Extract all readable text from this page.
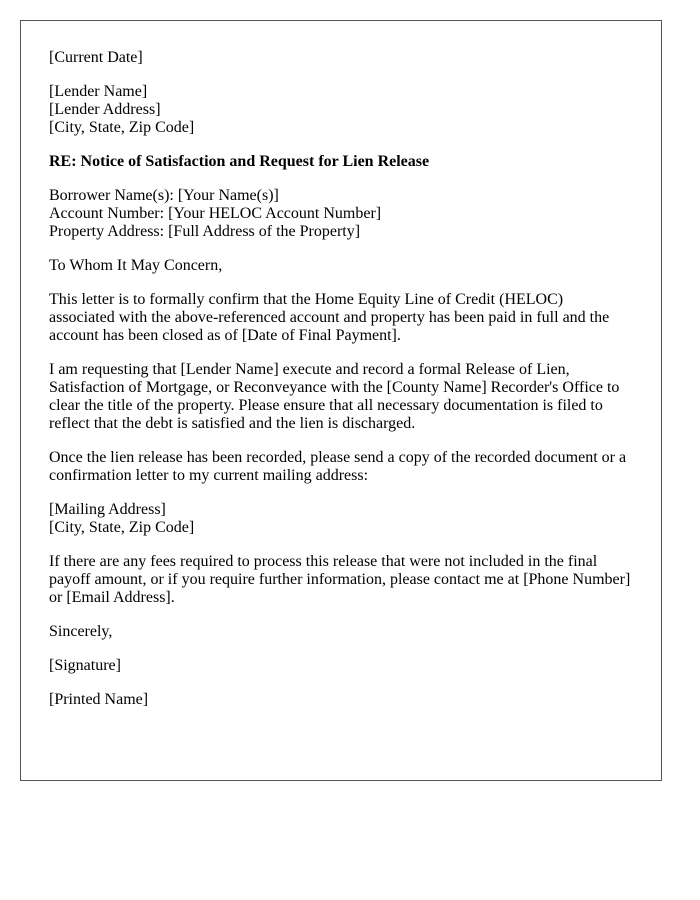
[Current Date]

[Lender Name]
[Lender Address]
[City, State, Zip Code]

RE: Notice of Satisfaction and Request for Lien Release

Borrower Name(s): [Your Name(s)]
Account Number: [Your HELOC Account Number]
Property Address: [Full Address of the Property]

To Whom It May Concern,

This letter is to formally confirm that the Home Equity Line of Credit (HELOC) associated with the above-referenced account and property has been paid in full and the account has been closed as of [Date of Final Payment].

I am requesting that [Lender Name] execute and record a formal Release of Lien, Satisfaction of Mortgage, or Reconveyance with the [County Name] Recorder's Office to clear the title of the property. Please ensure that all necessary documentation is filed to reflect that the debt is satisfied and the lien is discharged.

Once the lien release has been recorded, please send a copy of the recorded document or a confirmation letter to my current mailing address:

[Mailing Address]
[City, State, Zip Code]

If there are any fees required to process this release that were not included in the final payoff amount, or if you require further information, please contact me at [Phone Number] or [Email Address].

Sincerely,

[Signature]

[Printed Name]
